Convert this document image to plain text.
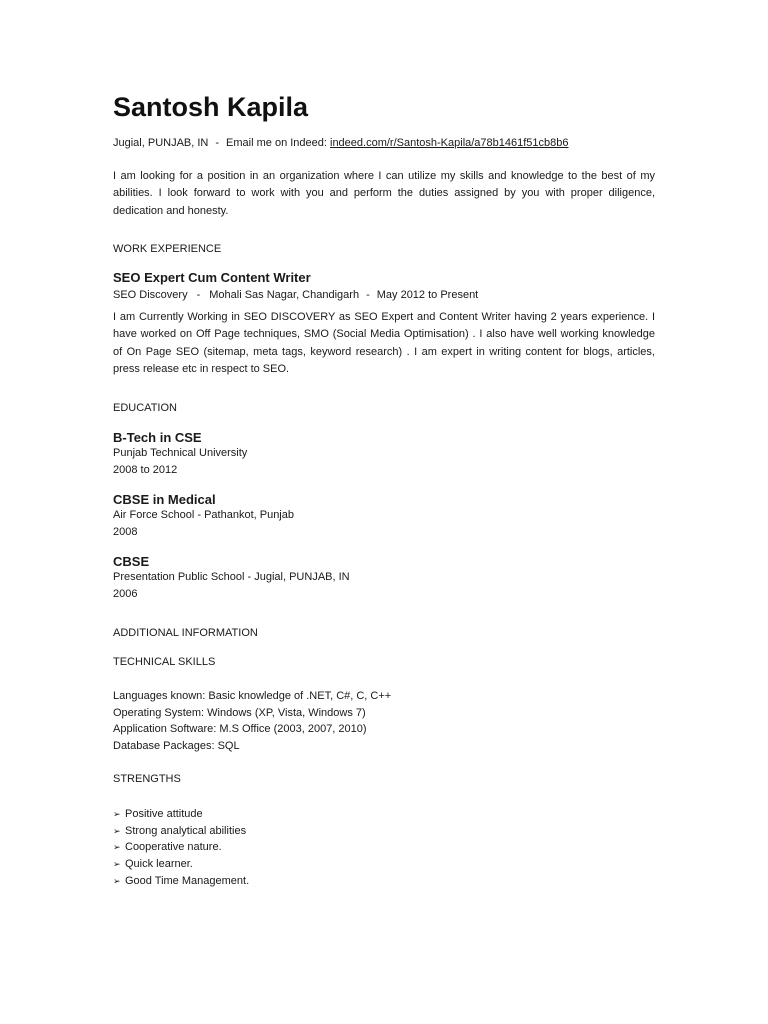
Santosh Kapila
Jugial, PUNJAB, IN - Email me on Indeed: indeed.com/r/Santosh-Kapila/a78b1461f51cb8b6

I am looking for a position in an organization where I can utilize my skills and knowledge to the best of my abilities. I look forward to work with you and perform the duties assigned by you with proper diligence, dedication and honesty.

WORK EXPERIENCE
SEO Expert Cum Content Writer
SEO Discovery - Mohali Sas Nagar, Chandigarh - May 2012 to Present

I am Currently Working in SEO DISCOVERY as SEO Expert and Content Writer having 2 years experience. I have worked on Off Page techniques, SMO (Social Media Optimisation) . I also have well working knowledge of On Page SEO (sitemap, meta tags, keyword research) . I am expert in writing content for blogs, articles, press release etc in respect to SEO.

EDUCATION
B-Tech in CSE
Punjab Technical University
2008 to 2012
CBSE in Medical
Air Force School - Pathankot, Punjab
2008
CBSE
Presentation Public School - Jugial, PUNJAB, IN
2006
ADDITIONAL INFORMATION
TECHNICAL SKILLS
Languages known: Basic knowledge of .NET, C#, C, C++
Operating System: Windows (XP, Vista, Windows 7)
Application Software: M.S Office (2003, 2007, 2010)
Database Packages: SQL
STRENGTHS
➢ Positive attitude
➢ Strong analytical abilities
➢ Cooperative nature.
➢ Quick learner.
➢ Good Time Management.
